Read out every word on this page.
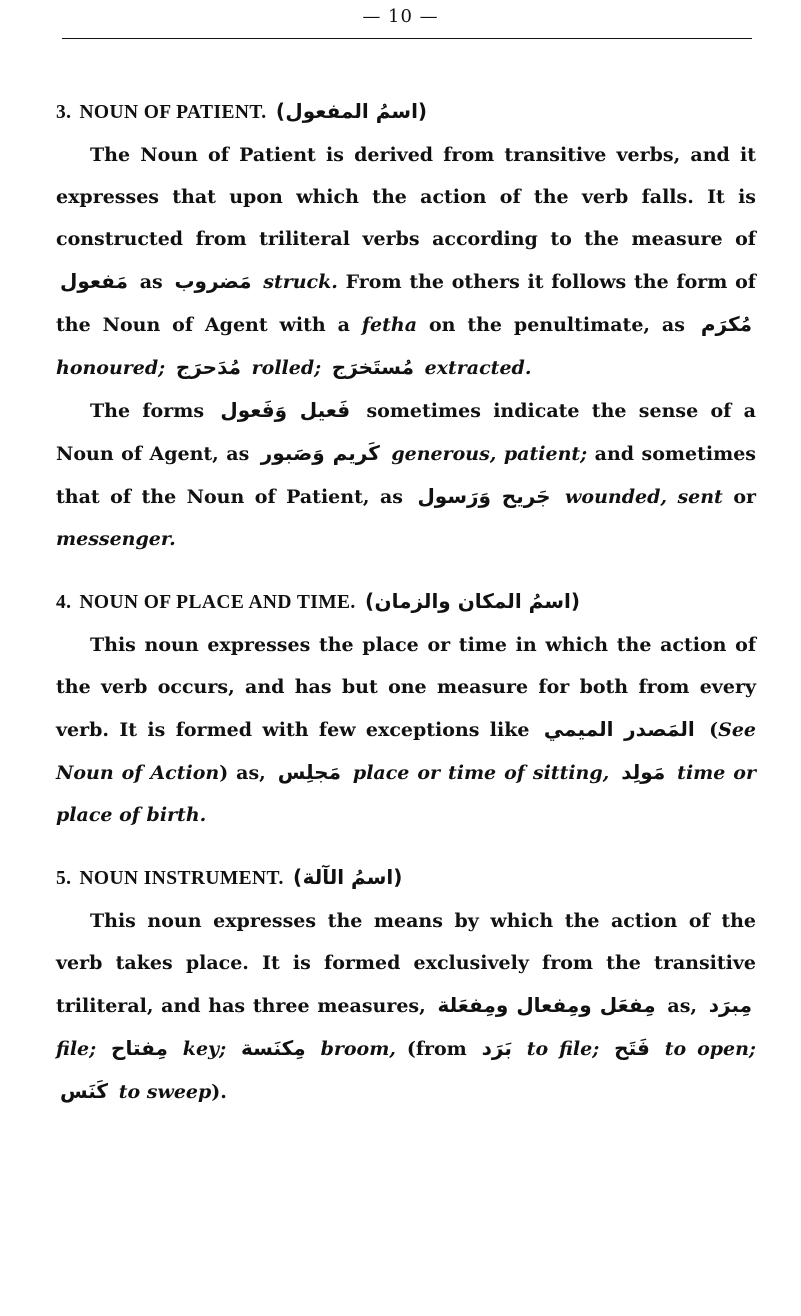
— 10 —
3. NOUN OF PATIENT. (اسمُ المفعول)

The Noun of Patient is derived from transitive verbs, and it expresses that upon which the action of the verb falls. It is constructed from triliteral verbs according to the measure of مَفعول as مَضروب struck. From the others it follows the form of the Noun of Agent with a fetha on the penultimate, as مُكرَم honoured; مُدَحرَج rolled; مُستَخرَج extracted.

The forms فَعيل وَفَعول sometimes indicate the sense of a Noun of Agent, as كَريم وَصَبور generous, patient; and sometimes that of the Noun of Patient, as جَريح وَرَسول wounded, sent or messenger.

4. NOUN OF PLACE AND TIME. (اسمُ المكان والزمان)

This noun expresses the place or time in which the action of the verb occurs, and has but one measure for both from every verb. It is formed with few exceptions like المَصدر الميمي (See Noun of Action) as, مَجلِس place or time of sitting, مَولِد time or place of birth.

5. NOUN INSTRUMENT. (اسمُ الآلة)

This noun expresses the means by which the action of the verb takes place. It is formed exclusively from the transitive triliteral, and has three measures, مِفعَل ومِفعال ومِفعَلة as, مِبرَد file; مِفتاح key; مِكنَسة broom, (from بَرَد to file; فَتَح to open; كَنَس to sweep).
